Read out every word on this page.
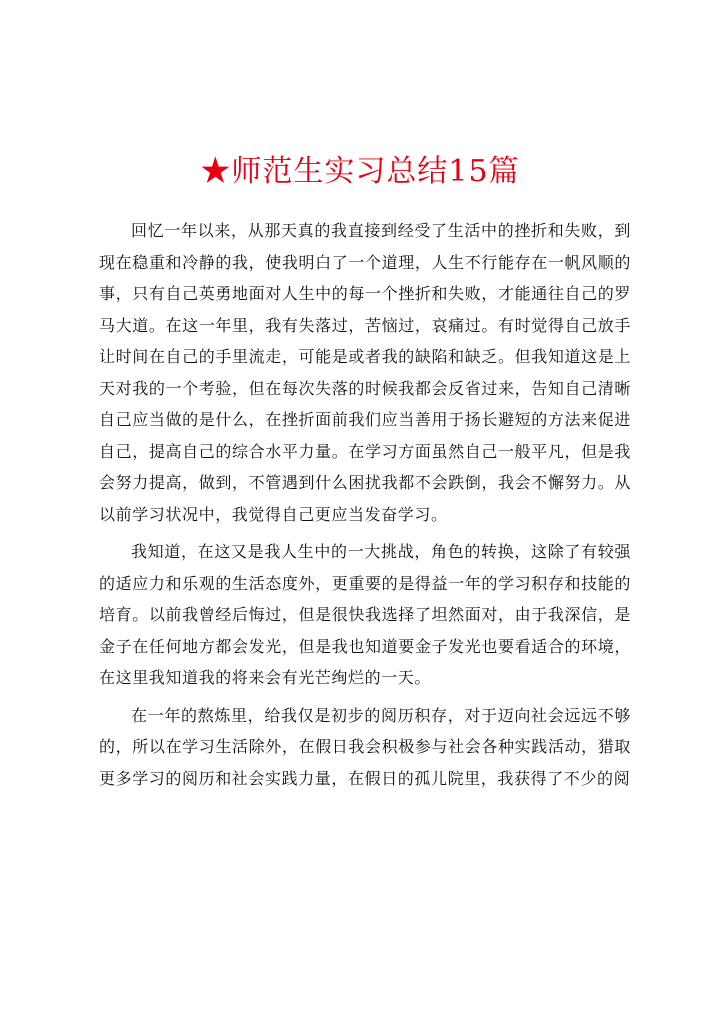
★师范生实习总结15篇

回忆一年以来，从那天真的我直接到经受了生活中的挫折和失败，到现在稳重和冷静的我，使我明白了一个道理，人生不行能存在一帆风顺的事，只有自己英勇地面对人生中的每一个挫折和失败，才能通往自己的罗马大道。在这一年里，我有失落过，苦恼过，哀痛过。有时觉得自己放手让时间在自己的手里流走，可能是或者我的缺陷和缺乏。但我知道这是上天对我的一个考验，但在每次失落的时候我都会反省过来，告知自己清晰自己应当做的是什么，在挫折面前我们应当善用于扬长避短的方法来促进自己，提高自己的综合水平力量。在学习方面虽然自己一般平凡，但是我会努力提高，做到，不管遇到什么困扰我都不会跌倒，我会不懈努力。从以前学习状况中，我觉得自己更应当发奋学习。

我知道，在这又是我人生中的一大挑战，角色的转换，这除了有较强的适应力和乐观的生活态度外，更重要的是得益一年的学习积存和技能的培育。以前我曾经后悔过，但是很快我选择了坦然面对，由于我深信，是金子在任何地方都会发光，但是我也知道要金子发光也要看适合的环境，在这里我知道我的将来会有光芒绚烂的一天。

在一年的熬炼里，给我仅是初步的阅历积存，对于迈向社会远远不够的，所以在学习生活除外，在假日我会积极参与社会各种实践活动，猎取更多学习的阅历和社会实践力量，在假日的孤儿院里，我获得了不少的阅
